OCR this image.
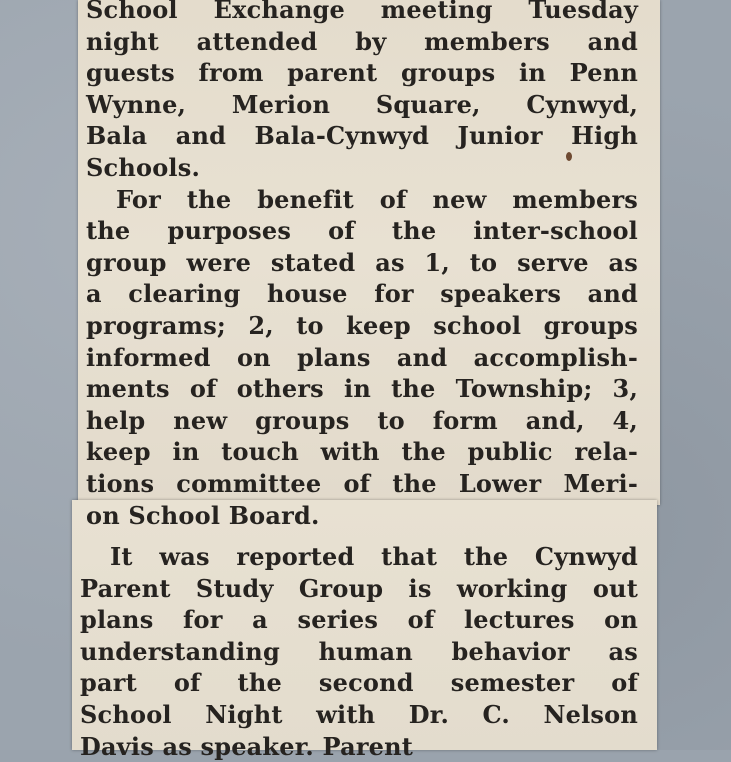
School Exchange meeting Tuesday
night attended by members and
guests from parent groups in Penn
Wynne, Merion Square, Cynwyd,
Bala and Bala-Cynwyd Junior High
Schools.
For the benefit of new members
the purposes of the inter-school
group were stated as 1, to serve as
a clearing house for speakers and
programs; 2, to keep school groups
informed on plans and accomplish-
ments of others in the Township; 3,
help new groups to form and, 4,
keep in touch with the public rela-
tions committee of the Lower Meri-
on School Board.
It was reported that the Cynwyd
Parent Study Group is working out
plans for a series of lectures on
understanding human behavior as
part of the second semester of
School Night with Dr. C. Nelson
Davis as speaker. Parent
